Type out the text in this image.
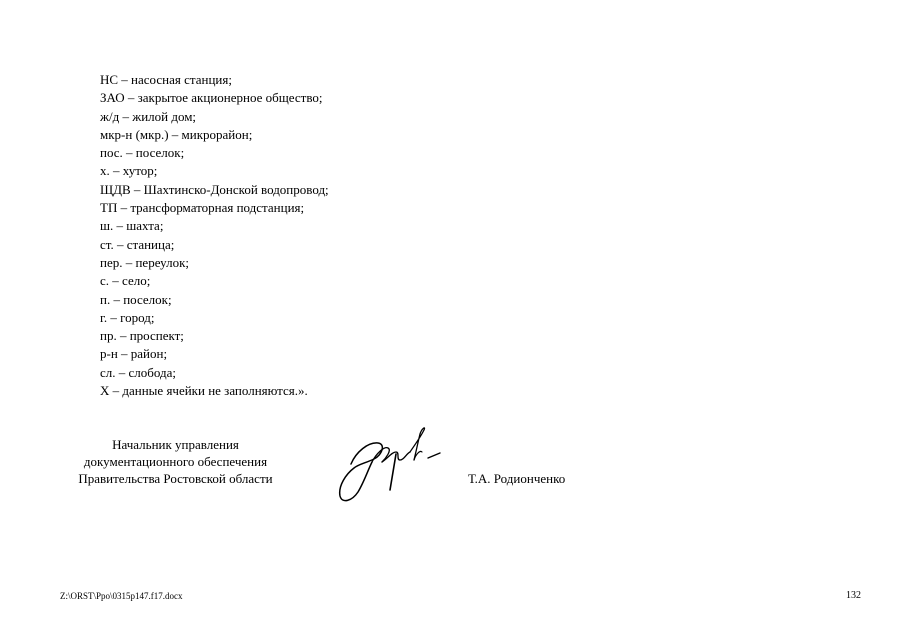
НС – насосная станция;
ЗАО – закрытое акционерное общество;
ж/д – жилой дом;
мкр-н (мкр.) – микрорайон;
пос. – поселок;
х. – хутор;
ЩДВ – Шахтинско-Донской водопровод;
ТП – трансформаторная подстанция;
ш. – шахта;
ст. – станица;
пер. – переулок;
с. – село;
п. – поселок;
г. – город;
пр. – проспект;
р-н – район;
сл. – слобода;
Х – данные ячейки не заполняются.».
Начальник управления
документационного обеспечения
Правительства Ростовской области	Т.А. Родионченко
Z:\ORST\Ppo\0315p147.f17.docx	132
